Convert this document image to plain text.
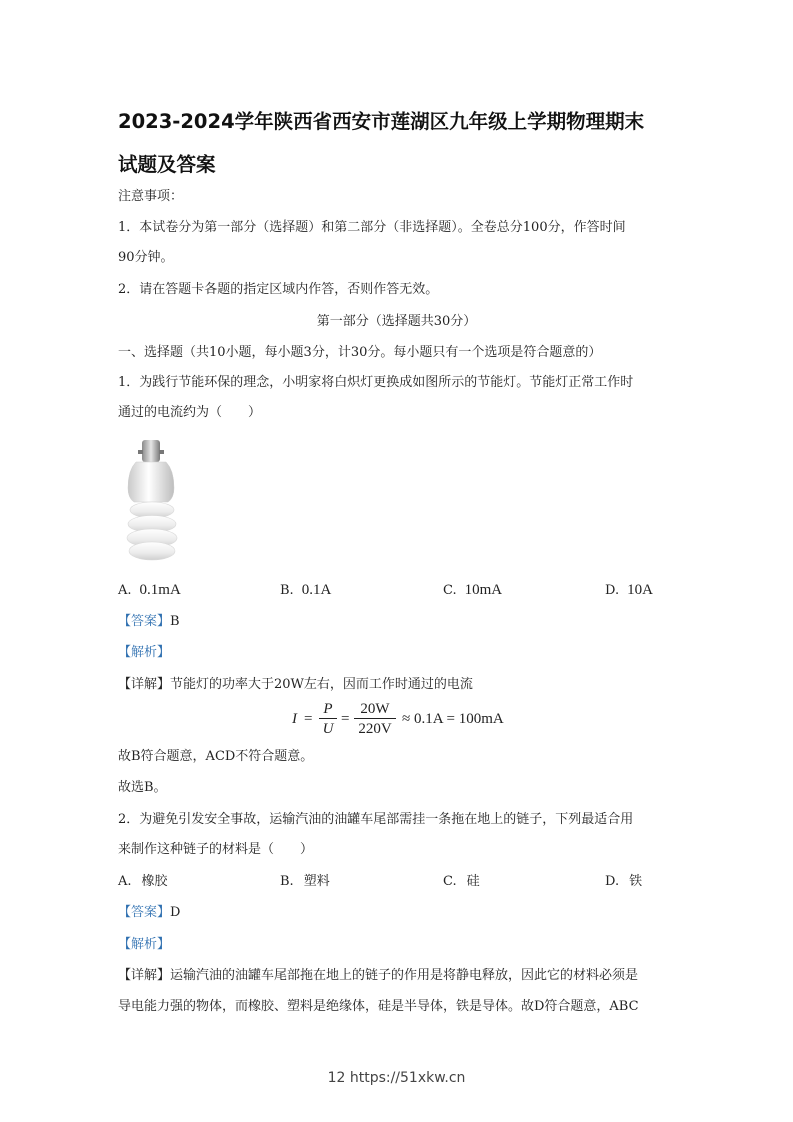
2023-2024学年陕西省西安市莲湖区九年级上学期物理期末
试题及答案
注意事项：
1．本试卷分为第一部分（选择题）和第二部分（非选择题）。全卷总分100分，作答时间
90分钟。
2．请在答题卡各题的指定区域内作答，否则作答无效。
第一部分（选择题共30分）
一、选择题（共10小题，每小题3分，计30分。每小题只有一个选项是符合题意的）
1．为践行节能环保的理念，小明家将白炽灯更换成如图所示的节能灯。节能灯正常工作时
通过的电流约为（　　）
A. 0.1mA	B. 0.1A	C. 10mA	D. 10A
【答案】B
【解析】
【详解】节能灯的功率大于20W左右，因而工作时通过的电流
$I = \frac{P}{U} = \frac{20W}{220V} \approx 0.1A = 100mA$
故B符合题意，ACD不符合题意。
故选B。
2．为避免引发安全事故，运输汽油的油罐车尾部需挂一条拖在地上的链子，下列最适合用
来制作这种链子的材料是（　　）
A. 橡胶	B. 塑料	C. 硅	D. 铁
【答案】D
【解析】
【详解】运输汽油的油罐车尾部拖在地上的链子的作用是将静电释放，因此它的材料必须是
导电能力强的物体，而橡胶、塑料是绝缘体，硅是半导体，铁是导体。故D符合题意，ABC
12 https://51xkw.cn
